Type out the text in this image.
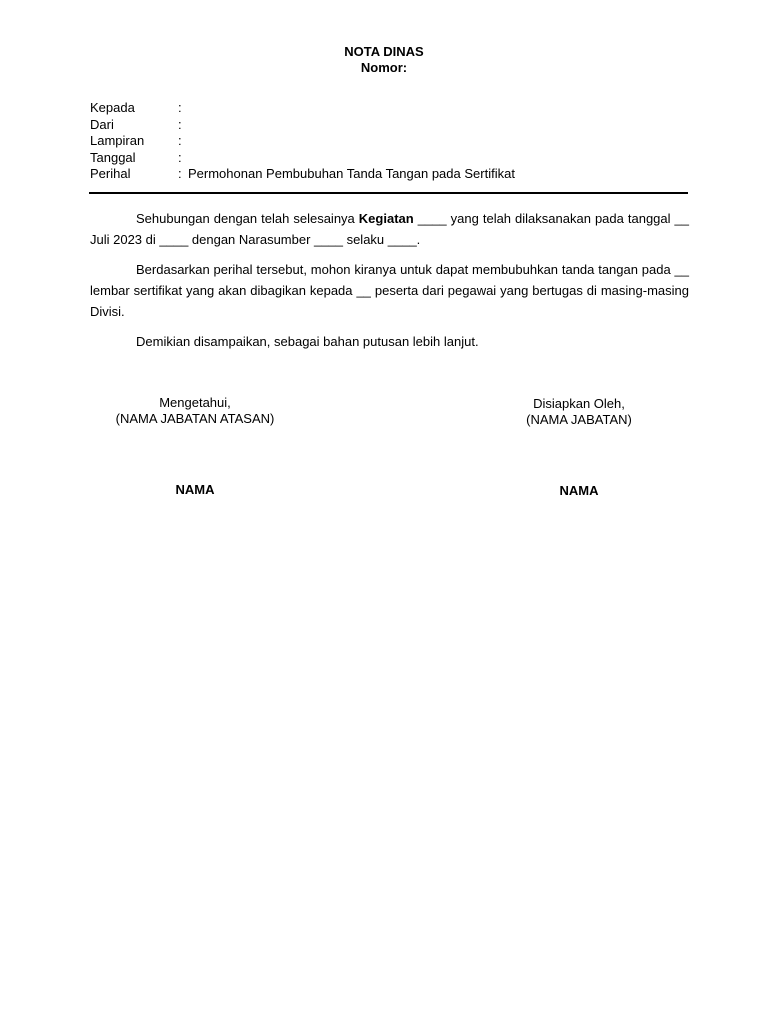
NOTA DINAS
Nomor:
Kepada	:
Dari	:
Lampiran	:
Tanggal	:
Perihal	: Permohonan Pembubuhan Tanda Tangan pada Sertifikat

Sehubungan dengan telah selesainya Kegiatan ____ yang telah dilaksanakan pada tanggal __ Juli 2023 di ____ dengan Narasumber ____ selaku ____.

Berdasarkan perihal tersebut, mohon kiranya untuk dapat membubuhkan tanda tangan pada __ lembar sertifikat yang akan dibagikan kepada __ peserta dari pegawai yang bertugas di masing-masing Divisi.

Demikian disampaikan, sebagai bahan putusan lebih lanjut.

Mengetahui,
(NAMA JABATAN ATASAN)
NAMA
Disiapkan Oleh,
(NAMA JABATAN)
NAMA
